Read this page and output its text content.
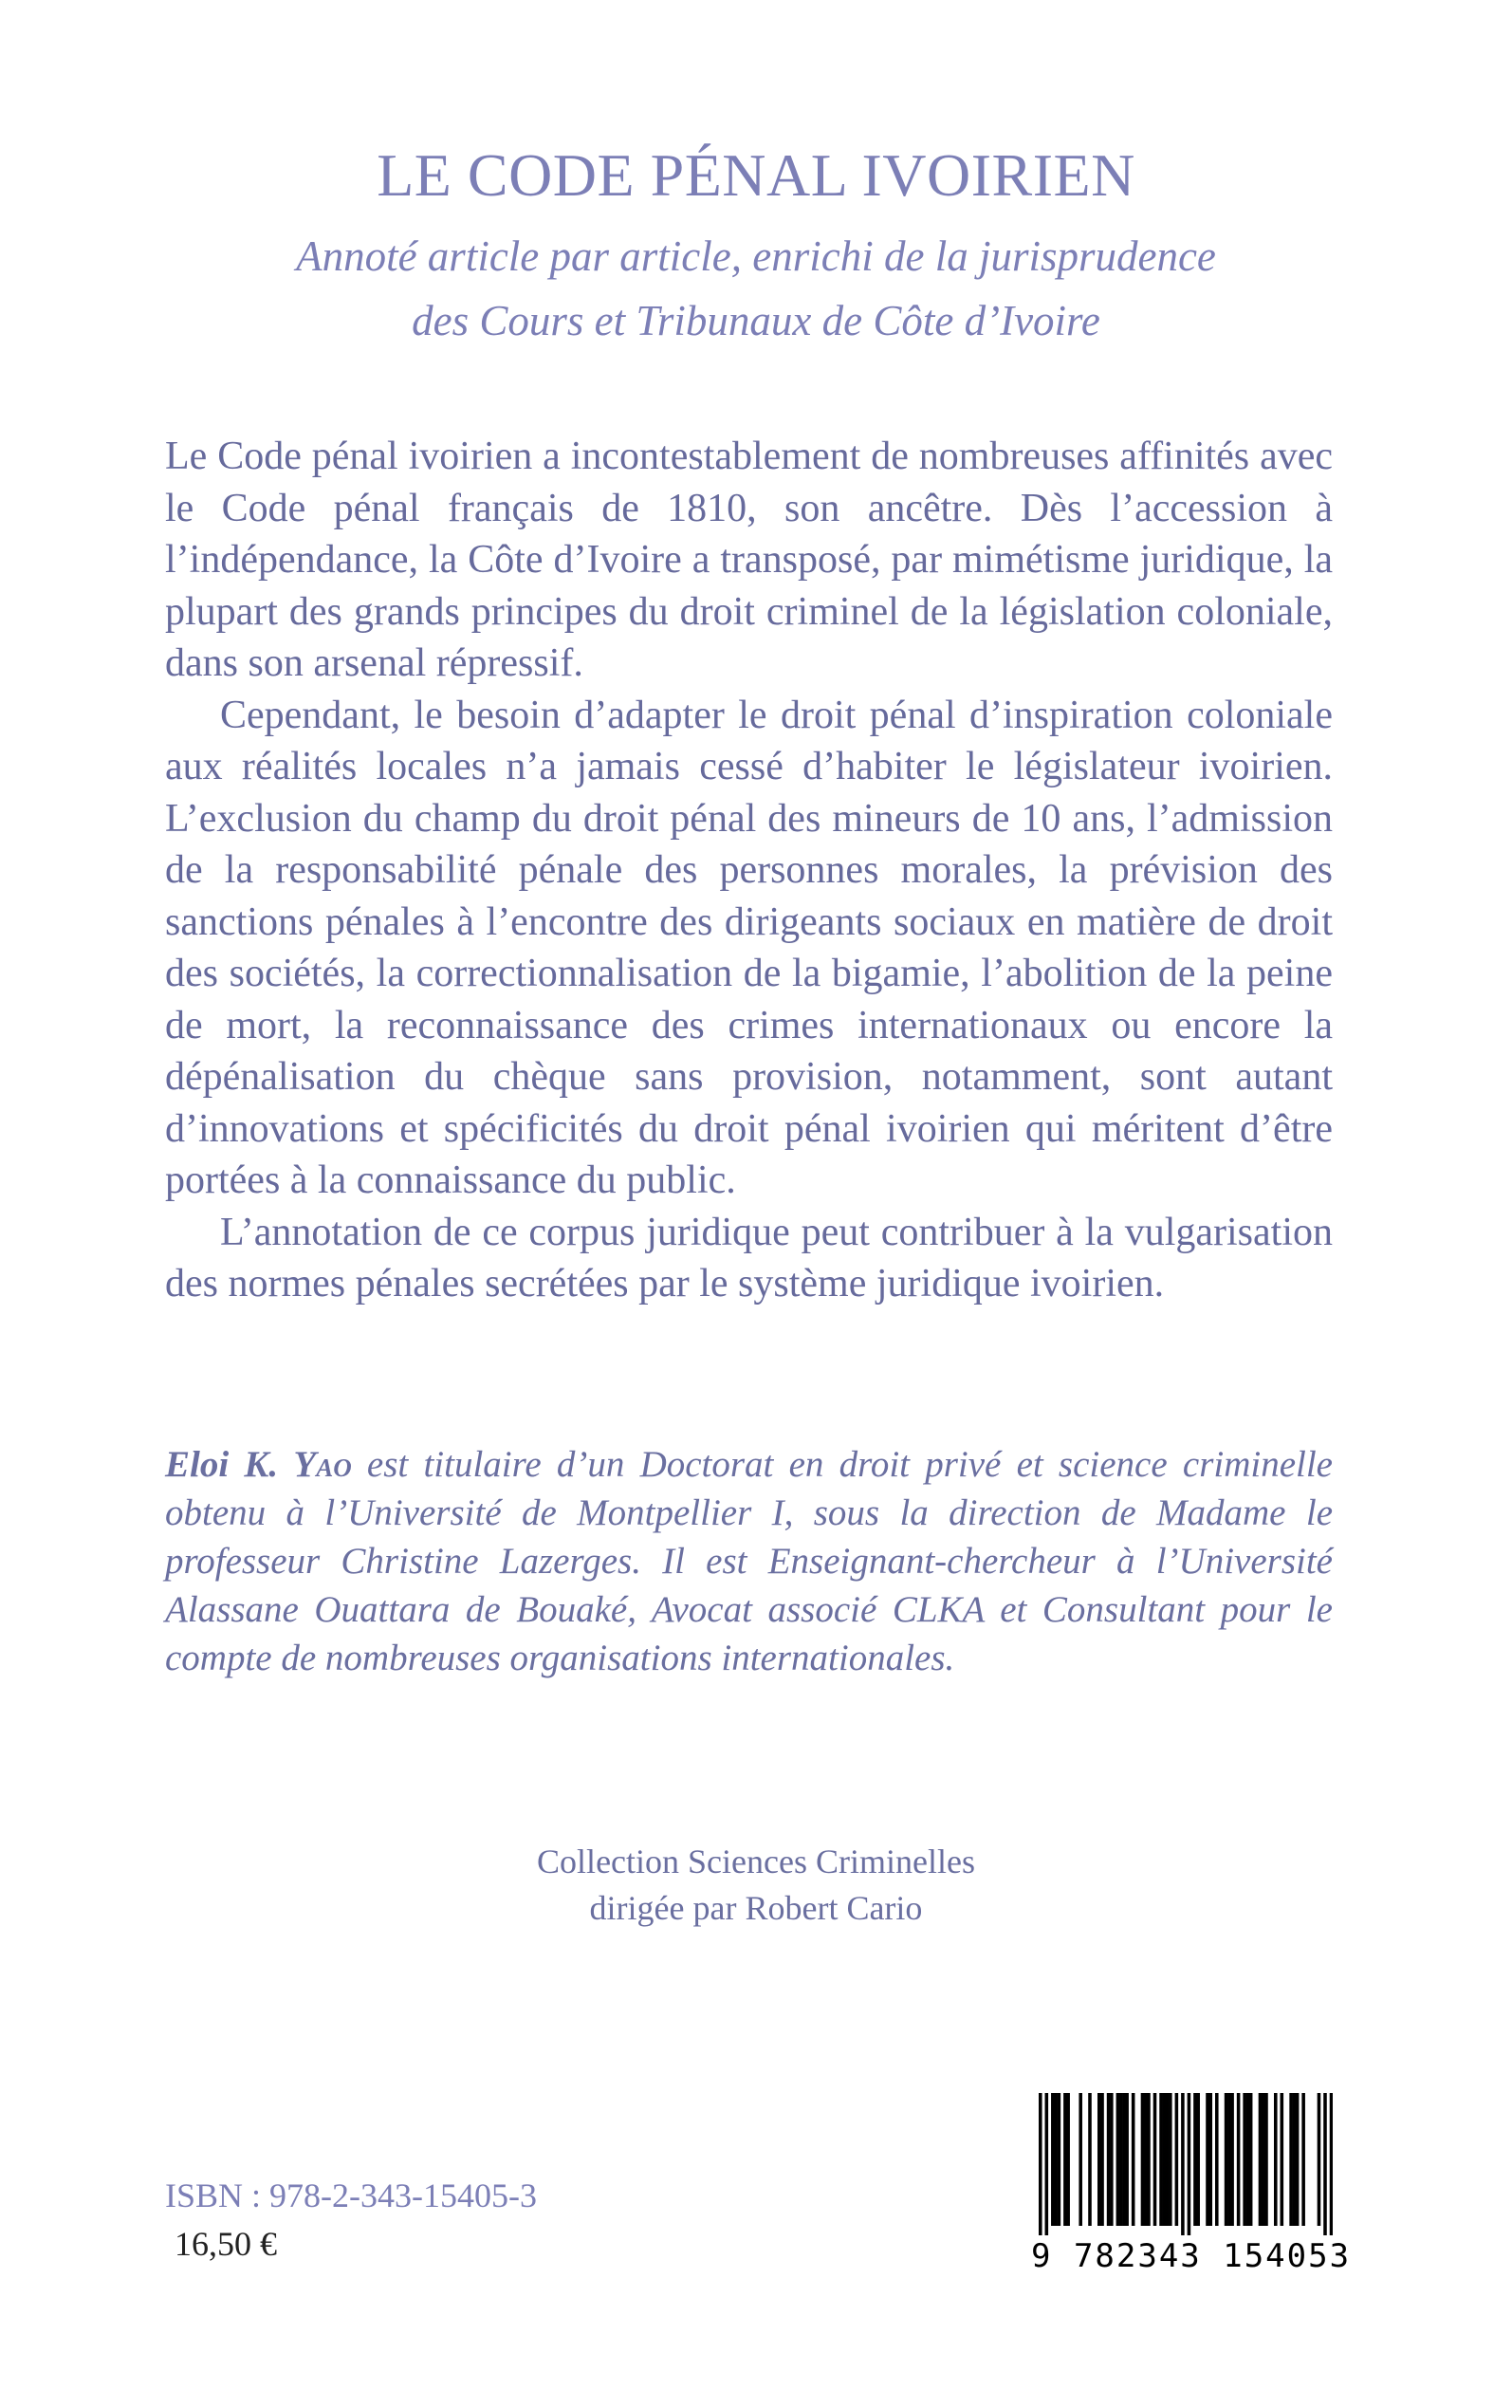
LE CODE PÉNAL IVOIRIEN
Annoté article par article, enrichi de la jurisprudence
des Cours et Tribunaux de Côte d’Ivoire

Le Code pénal ivoirien a incontestablement de nombreuses affinités avec le Code pénal français de 1810, son ancêtre. Dès l’accession à l’indépendance, la Côte d’Ivoire a transposé, par mimétisme juridique, la plupart des grands principes du droit criminel de la législation coloniale, dans son arsenal répressif.

Cependant, le besoin d’adapter le droit pénal d’inspiration coloniale aux réalités locales n’a jamais cessé d’habiter le législateur ivoirien. L’exclusion du champ du droit pénal des mineurs de 10 ans, l’admission de la responsabilité pénale des personnes morales, la prévision des sanctions pénales à l’encontre des dirigeants sociaux en matière de droit des sociétés, la correctionnalisation de la bigamie, l’abolition de la peine de mort, la reconnaissance des crimes internationaux ou encore la dépénalisation du chèque sans provision, notamment, sont autant d’innovations et spécificités du droit pénal ivoirien qui méritent d’être portées à la connaissance du public.

L’annotation de ce corpus juridique peut contribuer à la vulgarisation des normes pénales secrétées par le système juridique ivoirien.

Eloi K. Yao est titulaire d’un Doctorat en droit privé et science criminelle obtenu à l’Université de Montpellier I, sous la direction de Madame le professeur Christine Lazerges. Il est Enseignant-chercheur à l’Université Alassane Ouattara de Bouaké, Avocat associé CLKA et Consultant pour le compte de nombreuses organisations internationales.
Collection Sciences Criminelles
dirigée par Robert Cario
ISBN : 978-2-343-15405-3
16,50 €	9 782343 154053
